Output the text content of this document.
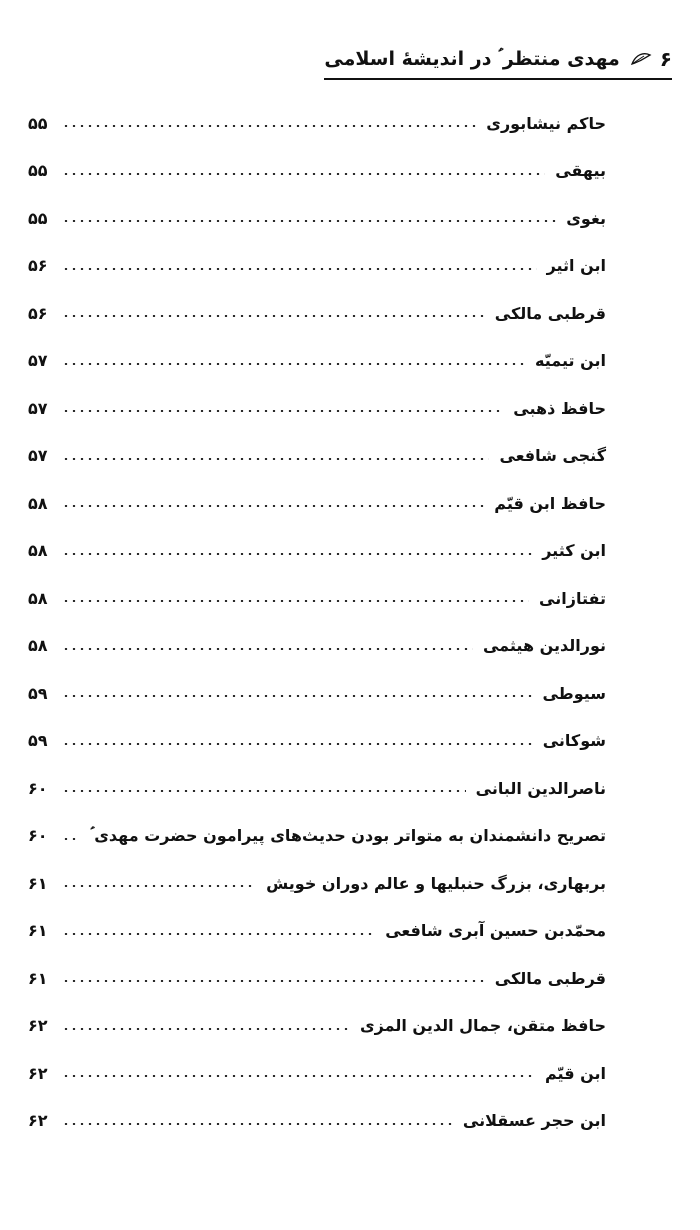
۶
مهدی منتظر ؑ در اندیشهٔ اسلامی
حاکم نیشابوری
۵۵
بیهقی
۵۵
بغوی
۵۵
ابن اثیر
۵۶
قرطبی مالکی
۵۶
ابن تیمیّه
۵۷
حافظ ذهبی
۵۷
گنجی شافعی
۵۷
حافظ ابن قیّم
۵۸
ابن کثیر
۵۸
تفتازانی
۵۸
نورالدین هیثمی
۵۸
سیوطی
۵۹
شوکانی
۵۹
ناصرالدین البانی
۶۰
تصریح دانشمندان به متواتر بودن حدیث‌های پیرامون حضرت مهدی ؑ
۶۰
بربهاری، بزرگ حنبلیها و عالم دوران خویش
۶۱
محمّدبن حسین آبری شافعی
۶۱
قرطبی مالکی
۶۱
حافظ متقن، جمال الدین المزی
۶۲
ابن قیّم
۶۲
ابن حجر عسقلانی
۶۲
